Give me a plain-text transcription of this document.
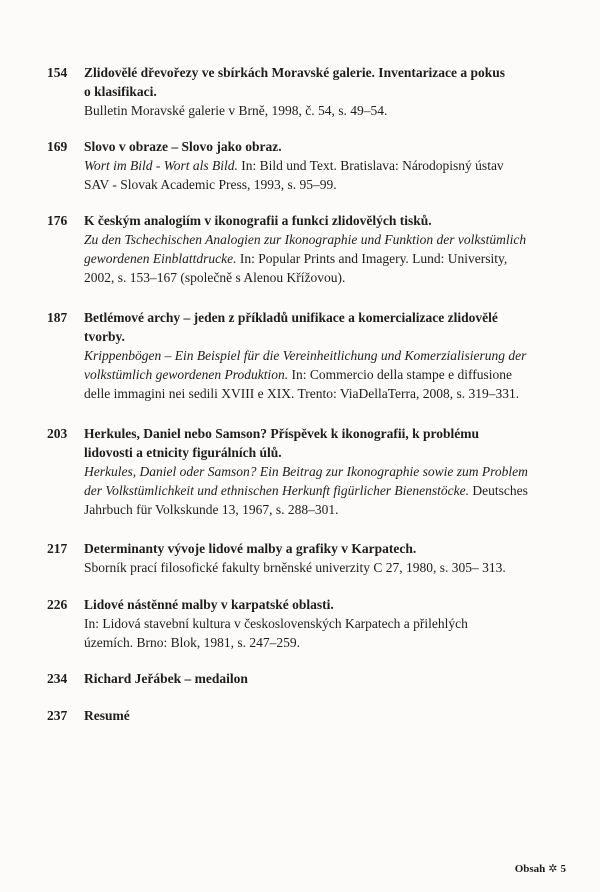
154	Zlidovělé dřevořezy ve sbírkách Moravské galerie. Inventarizace a pokus
o klasifikaci.
Bulletin Moravské galerie v Brně, 1998, č. 54, s. 49–54.
169	Slovo v obraze – Slovo jako obraz.
Wort im Bild - Wort als Bild. In: Bild und Text. Bratislava: Národopisný ústav
SAV - Slovak Academic Press, 1993, s. 95–99.
176	K českým analogiím v ikonografii a funkci zlidovělých tisků.
Zu den Tschechischen Analogien zur Ikonographie und Funktion der volkstümlich
gewordenen Einblattdrucke. In: Popular Prints and Imagery. Lund: University,
2002, s. 153–167 (společně s Alenou Křížovou).
187	Betlémové archy – jeden z příkladů unifikace a komercializace zlidovělé
tvorby.
Krippenbögen – Ein Beispiel für die Vereinheitlichung und Komerzialisierung der
volkstümlich gewordenen Produktion. In: Commercio della stampe e diffusione
delle immagini nei sedili XVIII e XIX. Trento: ViaDellaTerra, 2008, s. 319–331.
203	Herkules, Daniel nebo Samson? Příspěvek k ikonografii, k problému
lidovosti a etnicity figurálních úlů.
Herkules, Daniel oder Samson? Ein Beitrag zur Ikonographie sowie zum Problem
der Volkstümlichkeit und ethnischen Herkunft figürlicher Bienenstöcke. Deutsches
Jahrbuch für Volkskunde 13, 1967, s. 288–301.
217	Determinanty vývoje lidové malby a grafiky v Karpatech.
Sborník prací filosofické fakulty brněnské univerzity C 27, 1980, s. 305– 313.
226	Lidové nástěnné malby v karpatské oblasti.
In: Lidová stavební kultura v československých Karpatech a přilehlých
územích. Brno: Blok, 1981, s. 247–259.
234	Richard Jeřábek – medailon
237	Resumé
Obsah ✲ 5
